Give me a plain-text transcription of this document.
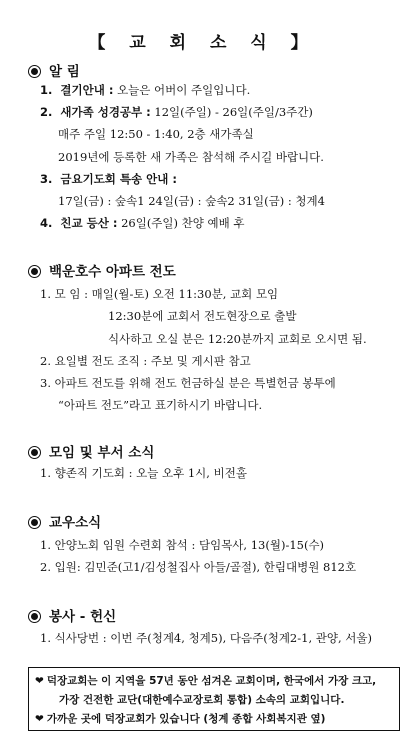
【 교 회 소 식 】
알 림
1. 결기안내 : 오늘은 어버이 주일입니다.
2. 새가족 성경공부 : 12일(주일) - 26일(주일/3주간)
매주 주일 12:50 - 1:40, 2층 새가족실
2019년에 등록한 새 가족은 참석해 주시길 바랍니다.
3. 금요기도회 특송 안내 :
17일(금) : 숲속1 24일(금) : 숲속2 31일(금) : 청계4
4. 친교 등산 : 26일(주일) 찬양 예배 후
백운호수 아파트 전도
1. 모 임 : 매일(월-토) 오전 11:30분, 교회 모임
12:30분에 교회서 전도현장으로 출발
식사하고 오실 분은 12:20분까지 교회로 오시면 됨.
2. 요일별 전도 조직 : 주보 및 게시판 참고
3. 아파트 전도를 위해 전도 헌금하실 분은 특별헌금 봉투에
“아파트 전도”라고 표기하시기 바랍니다.
모임 및 부서 소식
1. 향존직 기도회 : 오늘 오후 1시, 비전홀
교우소식
1. 안양노회 임원 수련회 참석 : 담임목사, 13(월)-15(수)
2. 입원: 김민준(고1/김성철집사 아들/골절), 한림대병원 812호
봉사 - 헌신
1. 식사당번 : 이번 주(청계4, 청계5), 다음주(청계2-1, 관양, 서울)
❤ 덕장교회는 이 지역을 57년 동안 섬겨온 교회이며, 한국에서 가장 크고,
가장 건전한 교단(대한예수교장로회 통합) 소속의 교회입니다.
❤ 가까운 곳에 덕장교회가 있습니다 (청계 종합 사회복지관 옆)
